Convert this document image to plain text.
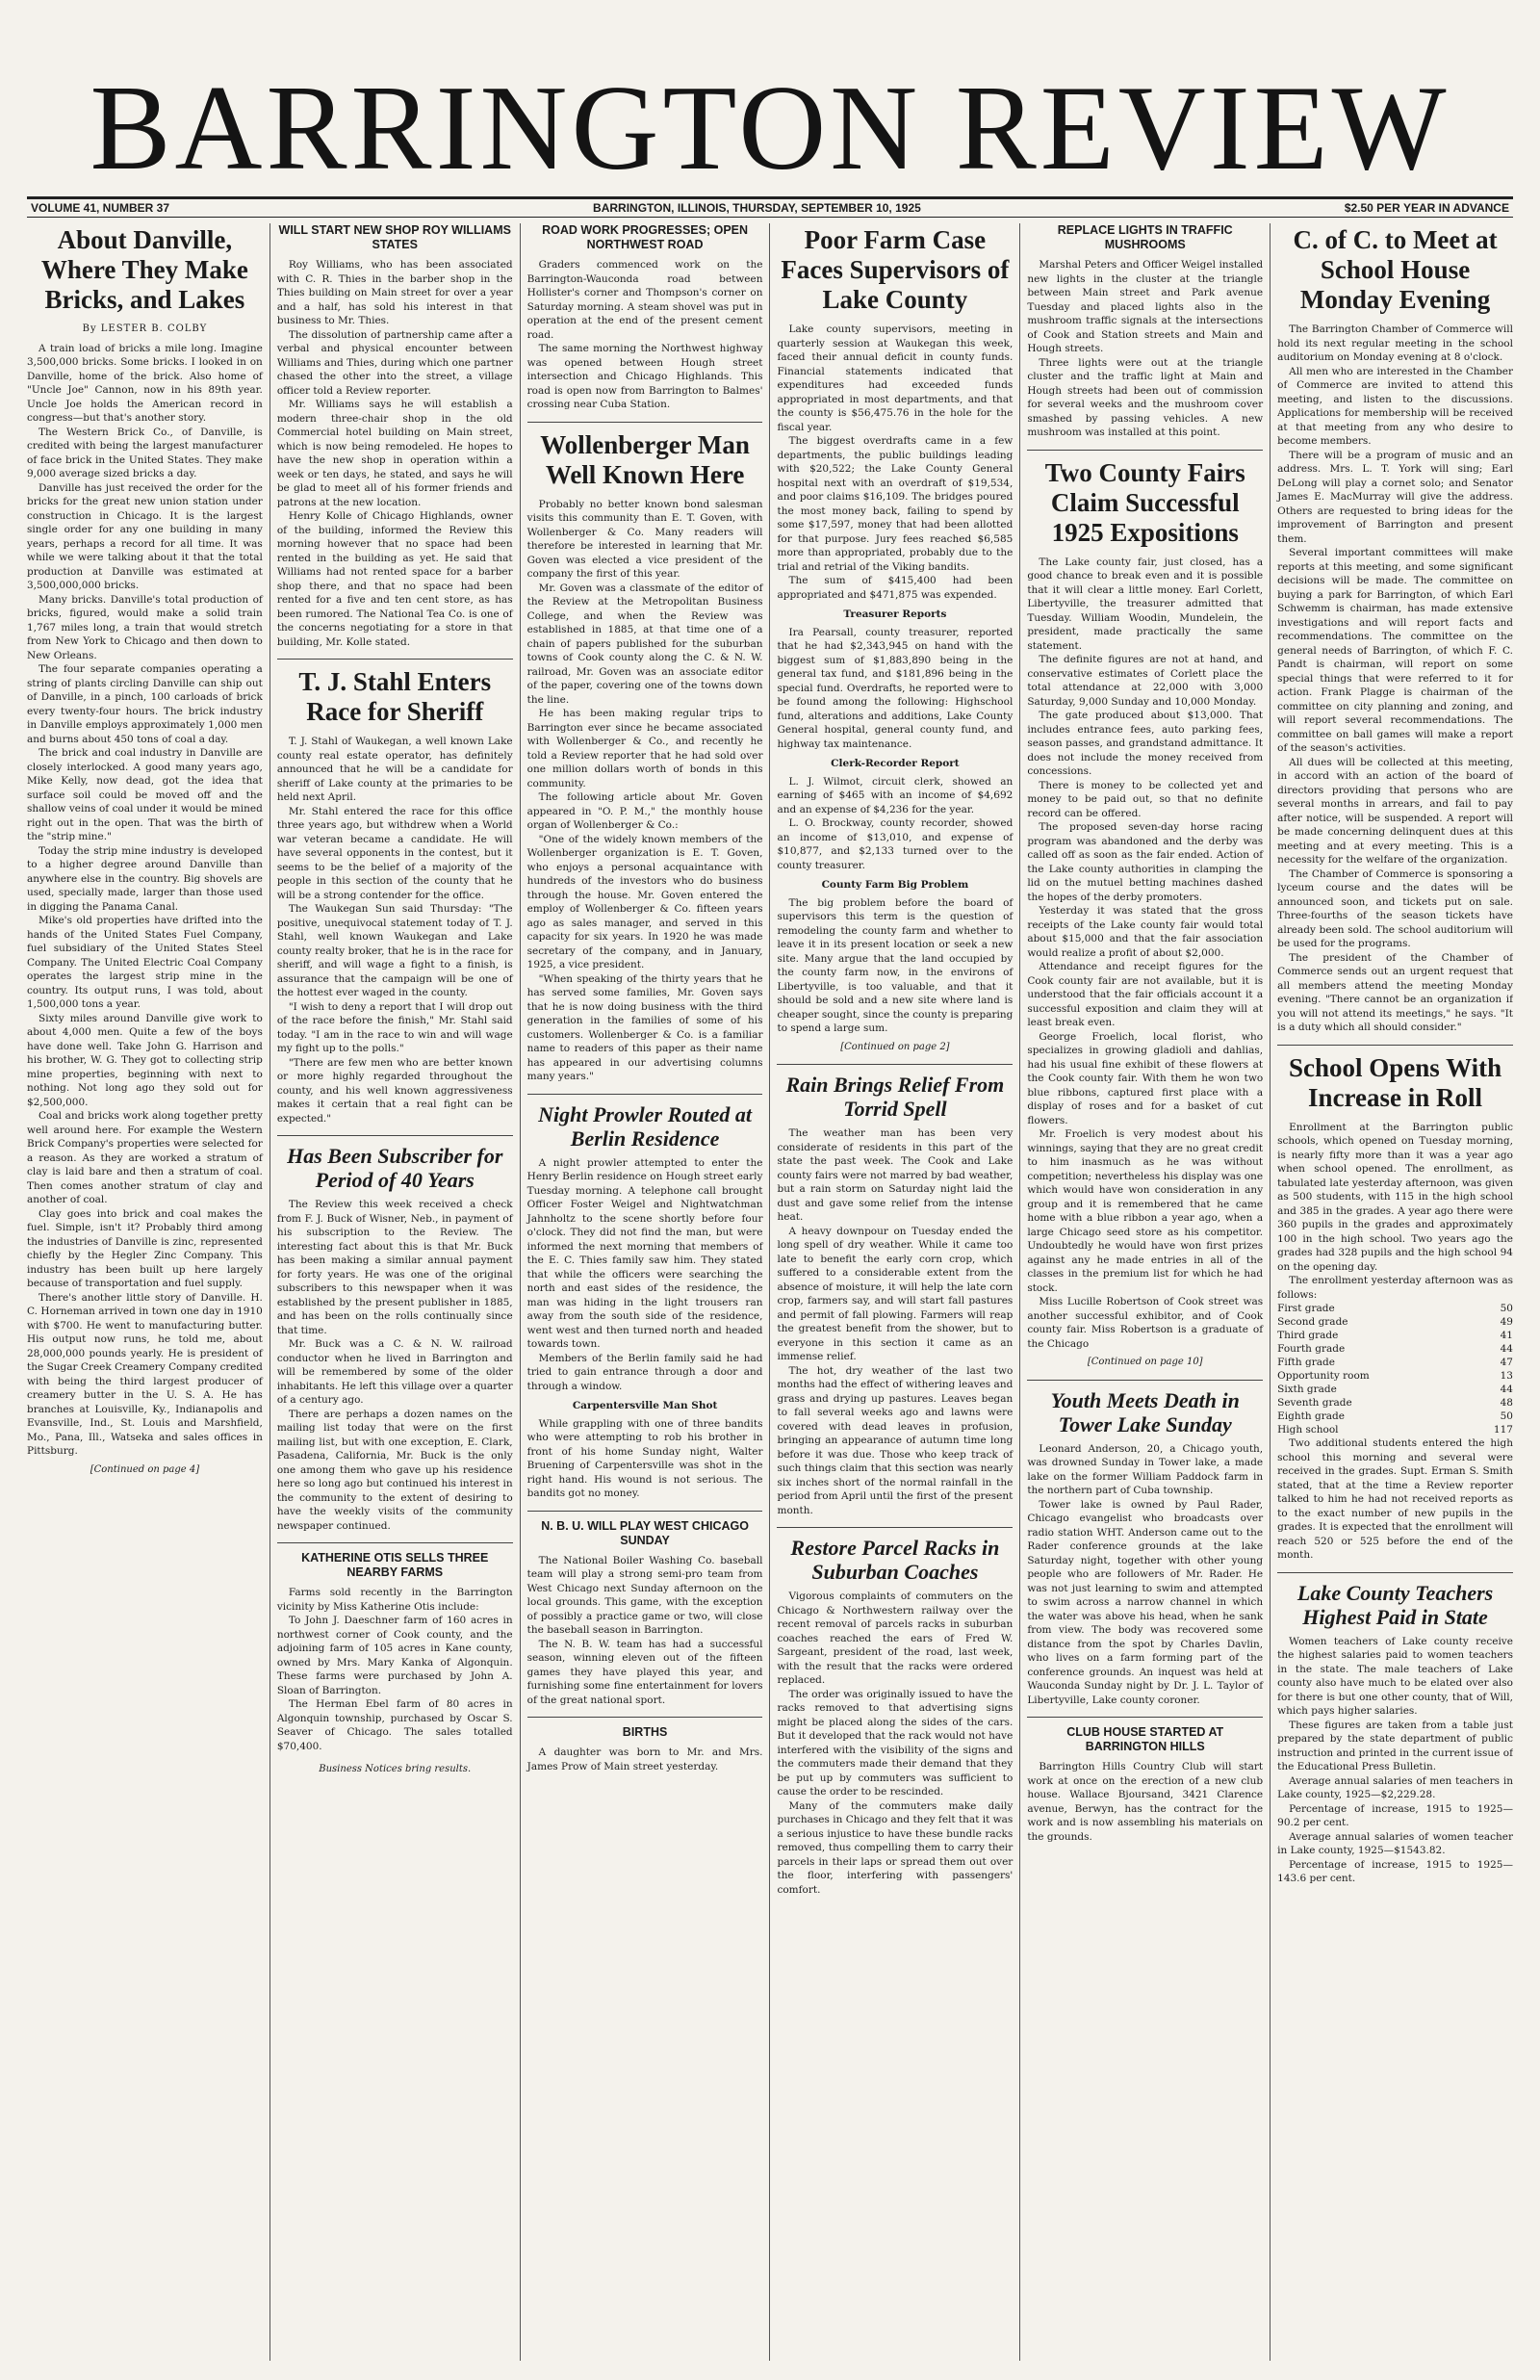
BARRINGTON REVIEW
VOLUME 41, NUMBER 37	BARRINGTON, ILLINOIS, THURSDAY, SEPTEMBER 10, 1925	$2.50 PER YEAR IN ADVANCE
About Danville, Where They Make Bricks, and Lakes
By LESTER B. COLBY

A train load of bricks a mile long. Imagine 3,500,000 bricks. Some bricks. I looked in on Danville, home of the brick. Also home of "Uncle Joe" Cannon, now in his 89th year. Uncle Joe holds the American record in congress—but that's another story.

The Western Brick Co., of Danville, is credited with being the largest manufacturer of face brick in the United States. They make 9,000 average sized bricks a day.

Danville has just received the order for the bricks for the great new union station under construction in Chicago. It is the largest single order for any one building in many years, perhaps a record for all time. It was while we were talking about it that the total production at Danville was estimated at 3,500,000,000 bricks.

Many bricks. Danville's total production of bricks, figured, would make a solid train 1,767 miles long, a train that would stretch from New York to Chicago and then down to New Orleans.

The four separate companies operating a string of plants circling Danville can ship out of Danville, in a pinch, 100 carloads of brick every twenty-four hours. The brick industry in Danville employs approximately 1,000 men and burns about 450 tons of coal a day.

The brick and coal industry in Danville are closely interlocked. A good many years ago, Mike Kelly, now dead, got the idea that surface soil could be moved off and the shallow veins of coal under it would be mined right out in the open. That was the birth of the "strip mine."

Today the strip mine industry is developed to a higher degree around Danville than anywhere else in the country. Big shovels are used, specially made, larger than those used in digging the Panama Canal.

Mike's old properties have drifted into the hands of the United States Fuel Company, fuel subsidiary of the United States Steel Company. The United Electric Coal Company operates the largest strip mine in the country. Its output runs, I was told, about 1,500,000 tons a year.

Sixty miles around Danville give work to about 4,000 men. Quite a few of the boys have done well. Take John G. Harrison and his brother, W. G. They got to collecting strip mine properties, beginning with next to nothing. Not long ago they sold out for $2,500,000.

Coal and bricks work along together pretty well around here. For example the Western Brick Company's properties were selected for a reason. As they are worked a stratum of clay is laid bare and then a stratum of coal. Then comes another stratum of clay and another of coal.

Clay goes into brick and coal makes the fuel. Simple, isn't it? Probably third among the industries of Danville is zinc, represented chiefly by the Hegler Zinc Company. This industry has been built up here largely because of transportation and fuel supply.

There's another little story of Danville. H. C. Horneman arrived in town one day in 1910 with $700. He went to manufacturing butter. His output now runs, he told me, about 28,000,000 pounds yearly. He is president of the Sugar Creek Creamery Company credited with being the third largest producer of creamery butter in the U. S. A. He has branches at Louisville, Ky., Indianapolis and Evansville, Ind., St. Louis and Marshfield, Mo., Pana, Ill., Watseka and sales offices in Pittsburg.

[Continued on page 4]
WILL START NEW SHOP ROY WILLIAMS STATES

Roy Williams, who has been associated with C. R. Thies in the barber shop in the Thies building on Main street for over a year and a half, has sold his interest in that business to Mr. Thies.

The dissolution of partnership came after a verbal and physical encounter between Williams and Thies, during which one partner chased the other into the street, a village officer told a Review reporter.

Mr. Williams says he will establish a modern three-chair shop in the old Commercial hotel building on Main street, which is now being remodeled. He hopes to have the new shop in operation within a week or ten days, he stated, and says he will be glad to meet all of his former friends and patrons at the new location.

Henry Kolle of Chicago Highlands, owner of the building, informed the Review this morning however that no space had been rented in the building as yet. He said that Williams had not rented space for a barber shop there, and that no space had been rented for a five and ten cent store, as has been rumored. The National Tea Co. is one of the concerns negotiating for a store in that building, Mr. Kolle stated.

T. J. Stahl Enters Race for Sheriff

T. J. Stahl of Waukegan, a well known Lake county real estate operator, has definitely announced that he will be a candidate for sheriff of Lake county at the primaries to be held next April.

Mr. Stahl entered the race for this office three years ago, but withdrew when a World war veteran became a candidate. He will have several opponents in the contest, but it seems to be the belief of a majority of the people in this section of the county that he will be a strong contender for the office.

The Waukegan Sun said Thursday: "The positive, unequivocal statement today of T. J. Stahl, well known Waukegan and Lake county realty broker, that he is in the race for sheriff, and will wage a fight to a finish, is assurance that the campaign will be one of the hottest ever waged in the county.

"I wish to deny a report that I will drop out of the race before the finish," Mr. Stahl said today. "I am in the race to win and will wage my fight up to the polls."

"There are few men who are better known or more highly regarded throughout the county, and his well known aggressiveness makes it certain that a real fight can be expected."

Has Been Subscriber for Period of 40 Years

The Review this week received a check from F. J. Buck of Wisner, Neb., in payment of his subscription to the Review. The interesting fact about this is that Mr. Buck has been making a similar annual payment for forty years. He was one of the original subscribers to this newspaper when it was established by the present publisher in 1885, and has been on the rolls continually since that time.

Mr. Buck was a C. & N. W. railroad conductor when he lived in Barrington and will be remembered by some of the older inhabitants. He left this village over a quarter of a century ago.

There are perhaps a dozen names on the mailing list today that were on the first mailing list, but with one exception, E. Clark, Pasadena, California, Mr. Buck is the only one among them who gave up his residence here so long ago but continued his interest in the community to the extent of desiring to have the weekly visits of the community newspaper continued.

KATHERINE OTIS SELLS THREE NEARBY FARMS

Farms sold recently in the Barrington vicinity by Miss Katherine Otis include:

To John J. Daeschner farm of 160 acres in northwest corner of Cook county, and the adjoining farm of 105 acres in Kane county, owned by Mrs. Mary Kanka of Algonquin. These farms were purchased by John A. Sloan of Barrington.

The Herman Ebel farm of 80 acres in Algonquin township, purchased by Oscar S. Seaver of Chicago. The sales totalled $70,400.

Business Notices bring results.
ROAD WORK PROGRESSES; OPEN NORTHWEST ROAD

Graders commenced work on the Barrington-Wauconda road between Hollister's corner and Thompson's corner on Saturday morning. A steam shovel was put in operation at the end of the present cement road.

The same morning the Northwest highway was opened between Hough street intersection and Chicago Highlands. This road is open now from Barrington to Balmes' crossing near Cuba Station.

Wollenberger Man Well Known Here

Probably no better known bond salesman visits this community than E. T. Goven, with Wollenberger & Co. Many readers will therefore be interested in learning that Mr. Goven was elected a vice president of the company the first of this year.

Mr. Goven was a classmate of the editor of the Review at the Metropolitan Business College, and when the Review was established in 1885, at that time one of a chain of papers published for the suburban towns of Cook county along the C. & N. W. railroad, Mr. Goven was an associate editor of the paper, covering one of the towns down the line.

He has been making regular trips to Barrington ever since he became associated with Wollenberger & Co., and recently he told a Review reporter that he had sold over one million dollars worth of bonds in this community.

The following article about Mr. Goven appeared in "O. P. M.," the monthly house organ of Wollenberger & Co.:

"One of the widely known members of the Wollenberger organization is E. T. Goven, who enjoys a personal acquaintance with hundreds of the investors who do business through the house. Mr. Goven entered the employ of Wollenberger & Co. fifteen years ago as sales manager, and served in this capacity for six years. In 1920 he was made secretary of the company, and in January, 1925, a vice president.

"When speaking of the thirty years that he has served some families, Mr. Goven says that he is now doing business with the third generation in the families of some of his customers. Wollenberger & Co. is a familiar name to readers of this paper as their name has appeared in our advertising columns many years."

Night Prowler Routed at Berlin Residence

A night prowler attempted to enter the Henry Berlin residence on Hough street early Tuesday morning. A telephone call brought Officer Foster Weigel and Nightwatchman Jahnholtz to the scene shortly before four o'clock. They did not find the man, but were informed the next morning that members of the E. C. Thies family saw him. They stated that while the officers were searching the north and east sides of the residence, the man was hiding in the light trousers ran away from the south side of the residence, went west and then turned north and headed towards town.

Members of the Berlin family said he had tried to gain entrance through a door and through a window.

Carpentersville Man Shot

While grappling with one of three bandits who were attempting to rob his brother in front of his home Sunday night, Walter Bruening of Carpentersville was shot in the right hand. His wound is not serious. The bandits got no money.

N. B. U. WILL PLAY WEST CHICAGO SUNDAY

The National Boiler Washing Co. baseball team will play a strong semi-pro team from West Chicago next Sunday afternoon on the local grounds. This game, with the exception of possibly a practice game or two, will close the baseball season in Barrington.

The N. B. W. team has had a successful season, winning eleven out of the fifteen games they have played this year, and furnishing some fine entertainment for lovers of the great national sport.

BIRTHS

A daughter was born to Mr. and Mrs. James Prow of Main street yesterday.

Poor Farm Case Faces Supervisors of Lake County

Lake county supervisors, meeting in quarterly session at Waukegan this week, faced their annual deficit in county funds. Financial statements indicated that expenditures had exceeded funds appropriated in most departments, and that the county is $56,475.76 in the hole for the fiscal year.

The biggest overdrafts came in a few departments, the public buildings leading with $20,522; the Lake County General hospital next with an overdraft of $19,534, and poor claims $16,109. The bridges poured the most money back, failing to spend by some $17,597, money that had been allotted for that purpose. Jury fees reached $6,585 more than appropriated, probably due to the trial and retrial of the Viking bandits.

The sum of $415,400 had been appropriated and $471,875 was expended.

Treasurer Reports

Ira Pearsall, county treasurer, reported that he had $2,343,945 on hand with the biggest sum of $1,883,890 being in the general tax fund, and $181,896 being in the special fund. Overdrafts, he reported were to be found among the following: Highschool fund, alterations and additions, Lake County General hospital, general county fund, and highway tax maintenance.

Clerk-Recorder Report

L. J. Wilmot, circuit clerk, showed an earning of $465 with an income of $4,692 and an expense of $4,236 for the year.

L. O. Brockway, county recorder, showed an income of $13,010, and expense of $10,877, and $2,133 turned over to the county treasurer.

County Farm Big Problem

The big problem before the board of supervisors this term is the question of remodeling the county farm and whether to leave it in its present location or seek a new site. Many argue that the land occupied by the county farm now, in the environs of Libertyville, is too valuable, and that it should be sold and a new site where land is cheaper sought, since the county is preparing to spend a large sum.

[Continued on page 2]
Rain Brings Relief From Torrid Spell

The weather man has been very considerate of residents in this part of the state the past week. The Cook and Lake county fairs were not marred by bad weather, but a rain storm on Saturday night laid the dust and gave some relief from the intense heat.

A heavy downpour on Tuesday ended the long spell of dry weather. While it came too late to benefit the early corn crop, which suffered to a considerable extent from the absence of moisture, it will help the late corn crop, farmers say, and will start fall pastures and permit of fall plowing. Farmers will reap the greatest benefit from the shower, but to everyone in this section it came as an immense relief.

The hot, dry weather of the last two months had the effect of withering leaves and grass and drying up pastures. Leaves began to fall several weeks ago and lawns were covered with dead leaves in profusion, bringing an appearance of autumn time long before it was due. Those who keep track of such things claim that this section was nearly six inches short of the normal rainfall in the period from April until the first of the present month.

Restore Parcel Racks in Suburban Coaches

Vigorous complaints of commuters on the Chicago & Northwestern railway over the recent removal of parcels racks in suburban coaches reached the ears of Fred W. Sargeant, president of the road, last week, with the result that the racks were ordered replaced.

The order was originally issued to have the racks removed to that advertising signs might be placed along the sides of the cars. But it developed that the rack would not have interfered with the visibility of the signs and the commuters made their demand that they be put up by commuters was sufficient to cause the order to be rescinded.

Many of the commuters make daily purchases in Chicago and they felt that it was a serious injustice to have these bundle racks removed, thus compelling them to carry their parcels in their laps or spread them out over the floor, interfering with passengers' comfort.

REPLACE LIGHTS IN TRAFFIC MUSHROOMS

Marshal Peters and Officer Weigel installed new lights in the cluster at the triangle between Main street and Park avenue Tuesday and placed lights also in the mushroom traffic signals at the intersections of Cook and Station streets and Main and Hough streets.

Three lights were out at the triangle cluster and the traffic light at Main and Hough streets had been out of commission for several weeks and the mushroom cover smashed by passing vehicles. A new mushroom was installed at this point.

Two County Fairs Claim Successful 1925 Expositions

The Lake county fair, just closed, has a good chance to break even and it is possible that it will clear a little money. Earl Corlett, Libertyville, the treasurer admitted that Tuesday. William Woodin, Mundelein, the president, made practically the same statement.

The definite figures are not at hand, and conservative estimates of Corlett place the total attendance at 22,000 with 3,000 Saturday, 9,000 Sunday and 10,000 Monday.

The gate produced about $13,000. That includes entrance fees, auto parking fees, season passes, and grandstand admittance. It does not include the money received from concessions.

There is money to be collected yet and money to be paid out, so that no definite record can be offered.

The proposed seven-day horse racing program was abandoned and the derby was called off as soon as the fair ended. Action of the Lake county authorities in clamping the lid on the mutuel betting machines dashed the hopes of the derby promoters.

Yesterday it was stated that the gross receipts of the Lake county fair would total about $15,000 and that the fair association would realize a profit of about $2,000.

Attendance and receipt figures for the Cook county fair are not available, but it is understood that the fair officials account it a successful exposition and claim they will at least break even.

George Froelich, local florist, who specializes in growing gladioli and dahlias, had his usual fine exhibit of these flowers at the Cook county fair. With them he won two blue ribbons, captured first place with a display of roses and for a basket of cut flowers.

Mr. Froelich is very modest about his winnings, saying that they are no great credit to him inasmuch as he was without competition; nevertheless his display was one which would have won consideration in any group and it is remembered that he came home with a blue ribbon a year ago, when a large Chicago seed store as his competitor. Undoubtedly he would have won first prizes against any he made entries in all of the classes in the premium list for which he had stock.

Miss Lucille Robertson of Cook street was another successful exhibitor, and of Cook county fair. Miss Robertson is a graduate of the Chicago

[Continued on page 10]
Youth Meets Death in Tower Lake Sunday

Leonard Anderson, 20, a Chicago youth, was drowned Sunday in Tower lake, a made lake on the former William Paddock farm in the northern part of Cuba township.

Tower lake is owned by Paul Rader, Chicago evangelist who broadcasts over radio station WHT. Anderson came out to the Rader conference grounds at the lake Saturday night, together with other young people who are followers of Mr. Rader. He was not just learning to swim and attempted to swim across a narrow channel in which the water was above his head, when he sank from view. The body was recovered some distance from the spot by Charles Davlin, who lives on a farm forming part of the conference grounds. An inquest was held at Wauconda Sunday night by Dr. J. L. Taylor of Libertyville, Lake county coroner.

CLUB HOUSE STARTED AT BARRINGTON HILLS

Barrington Hills Country Club will start work at once on the erection of a new club house. Wallace Bjoursand, 3421 Clarence avenue, Berwyn, has the contract for the work and is now assembling his materials on the grounds.

C. of C. to Meet at School House Monday Evening

The Barrington Chamber of Commerce will hold its next regular meeting in the school auditorium on Monday evening at 8 o'clock.

All men who are interested in the Chamber of Commerce are invited to attend this meeting, and listen to the discussions. Applications for membership will be received at that meeting from any who desire to become members.

There will be a program of music and an address. Mrs. L. T. York will sing; Earl DeLong will play a cornet solo; and Senator James E. MacMurray will give the address. Others are requested to bring ideas for the improvement of Barrington and present them.

Several important committees will make reports at this meeting, and some significant decisions will be made. The committee on buying a park for Barrington, of which Earl Schwemm is chairman, has made extensive investigations and will report facts and recommendations. The committee on the general needs of Barrington, of which F. C. Pandt is chairman, will report on some special things that were referred to it for action. Frank Plagge is chairman of the committee on city planning and zoning, and will report several recommendations. The committee on ball games will make a report of the season's activities.

All dues will be collected at this meeting, in accord with an action of the board of directors providing that persons who are several months in arrears, and fail to pay after notice, will be suspended. A report will be made concerning delinquent dues at this meeting and at every meeting. This is a necessity for the welfare of the organization.

The Chamber of Commerce is sponsoring a lyceum course and the dates will be announced soon, and tickets put on sale. Three-fourths of the season tickets have already been sold. The school auditorium will be used for the programs.

The president of the Chamber of Commerce sends out an urgent request that all members attend the meeting Monday evening. "There cannot be an organization if you will not attend its meetings," he says. "It is a duty which all should consider."

School Opens With Increase in Roll

Enrollment at the Barrington public schools, which opened on Tuesday morning, is nearly fifty more than it was a year ago when school opened. The enrollment, as tabulated late yesterday afternoon, was given as 500 students, with 115 in the high school and 385 in the grades. A year ago there were 360 pupils in the grades and approximately 100 in the high school. Two years ago the grades had 328 pupils and the high school 94 on the opening day.

The enrollment yesterday afternoon was as follows:

First grade	50
Second grade	49
Third grade	41
Fourth grade	44
Fifth grade	47
Opportunity room	13
Sixth grade	44
Seventh grade	48
Eighth grade	50
High school	117

Two additional students entered the high school this morning and several were received in the grades. Supt. Erman S. Smith stated, that at the time a Review reporter talked to him he had not received reports as to the exact number of new pupils in the grades. It is expected that the enrollment will reach 520 or 525 before the end of the month.

Lake County Teachers Highest Paid in State

Women teachers of Lake county receive the highest salaries paid to women teachers in the state. The male teachers of Lake county also have much to be elated over also for there is but one other county, that of Will, which pays higher salaries.

These figures are taken from a table just prepared by the state department of public instruction and printed in the current issue of the Educational Press Bulletin.

Average annual salaries of men teachers in Lake county, 1925—$2,229.28.

Percentage of increase, 1915 to 1925—90.2 per cent.

Average annual salaries of women teacher in Lake county, 1925—$1543.82.

Percentage of increase, 1915 to 1925—143.6 per cent.
